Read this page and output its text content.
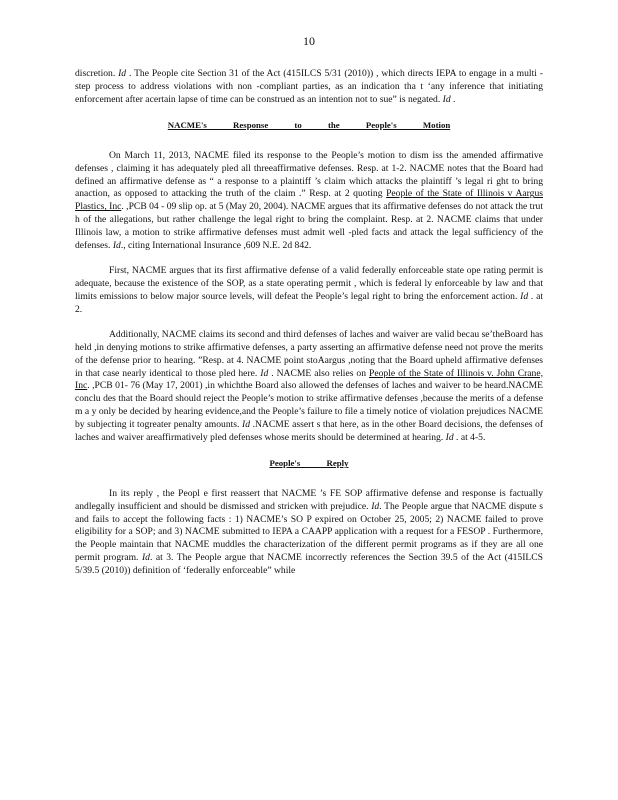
10

discretion. Id . The People cite Section 31 of the Act (415ILCS 5/31 (2010)) , which directs IEPA to engage in a multi -step process to address violations with non -compliant parties, as an indication tha t ‘any inference that initiating enforcement after acertain lapse of time can be construed as an intention not to sue” is negated. Id .

NACME's Response to the People's Motion

On March 11, 2013, NACME filed its response to the People’s motion to dism iss the amended affirmative defenses , claiming it has adequately pled all threeaffirmative defenses. Resp. at 1-2. NACME notes that the Board had defined an affirmative defense as “ a response to a plaintiff ’s claim which attacks the plaintiff ’s legal ri ght to bring anaction, as opposed to attacking the truth of the claim .” Resp. at 2 quoting People of the State of Illinois v Aargus Plastics, Inc. ,PCB 04 - 09 slip op. at 5 (May 20, 2004). NACME argues that its affirmative defenses do not attack the trut h of the allegations, but rather challenge the legal right to bring the complaint. Resp. at 2. NACME claims that under Illinois law, a motion to strike affirmative defenses must admit well -pled facts and attack the legal sufficiency of the defenses. Id., citing International Insurance ,609 N.E. 2d 842.

First, NACME argues that its first affirmative defense of a valid federally enforceable state ope rating permit is adequate, because the existence of the SOP, as a state operating permit , which is federal ly enforceable by law and that limits emissions to below major source levels, will defeat the People’s legal right to bring the enforcement action. Id . at 2.

Additionally, NACME claims its second and third defenses of laches and waiver are valid becau se’theBoard has held ,in denying motions to strike affirmative defenses, a party asserting an affirmative defense need not prove the merits of the defense prior to hearing. ”Resp. at 4. NACME point stoAargus ,noting that the Board upheld affirmative defenses in that case nearly identical to those pled here. Id . NACME also relies on People of the State of Illinois v. John Crane, Inc. ,PCB 01- 76 (May 17, 2001) ,in whichthe Board also allowed the defenses of laches and waiver to be heard.NACME conclu des that the Board should reject the People’s motion to strike affirmative defenses ,because the merits of a defense m a y only be decided by hearing evidence,and the People’s failure to file a timely notice of violation prejudices NACME by subjecting it togreater penalty amounts. Id .NACME assert s that here, as in the other Board decisions, the defenses of laches and waiver areaffirmatively pled defenses whose merits should be determined at hearing. Id . at 4-5.

People's Reply

In its reply , the Peopl e first reassert that NACME ’s FE SOP affirmative defense and response is factually andlegally insufficient and should be dismissed and stricken with prejudice. Id. The People argue that NACME dispute s and fails to accept the following facts : 1) NACME’s SO P expired on October 25, 2005; 2) NACME failed to prove eligibility for a SOP; and 3) NACME submitted to IEPA a CAAPP application with a request for a FESOP . Furthermore, the People maintain that NACME muddles the characterization of the different permit programs as if they are all one permit program. Id. at 3. The People argue that NACME incorrectly references the Section 39.5 of the Act (415ILCS 5/39.5 (2010)) definition of ‘federally enforceable” while
